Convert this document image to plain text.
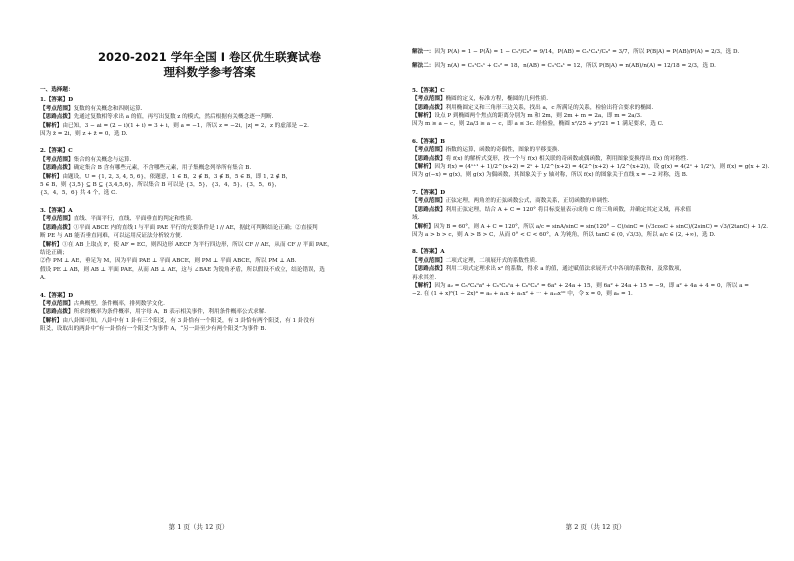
2020-2021 学年全国 I 卷区优生联赛试卷
理科数学参考答案
一、选择题：
1.【答案】D
【考点范围】复数的有关概念和四则运算.
【思路点拨】先通过复数相等求出 a 的值，再写出复数 z 的模式，然后根据有关概念逐一判断.
【解析】由已知，3 − ai = (2 − i)(1 + i) = 3 + i，则 a = −1，所以 z = −2i，|z| = 2，z 的虚部是 −2.
因为 z̄ = 2i，则 z + z̄ = 0，选 D.
2.【答案】C
【考点范围】集合的有关概念与运算.
【思路点拨】确定集合 B 含有哪些元素，不含哪些元素，用子集概念列举所有集合 B.
【解析】由题设，U = {1, 2, 3, 4, 5, 6}，依题意，1 ∈ B，2 ∉ B，3 ∉ B，5 ∈ B，即 1, 2 ∉ B，
5 ∈ B，则 {3,5} ⊆ B ⊆ {3,4,5,6}，所以集合 B 可以是 {3，5}，{3，4，5}，{3，5，6}，
{3，4，5，6} 共 4 个，选 C.
3.【答案】A
【考点范围】直线、平面平行，直线、平面垂直的判定和性质.
【思路点拨】①平面 ABCE 内的直线 l 与平面 PAE 平行的充要条件是 l // AE，据此可判断结论正确；②直接判
断 PE 与 AB 能否垂直同难，可以运用反证法分析较方便.
【解析】①在 AB 上取点 F，使 AF = EC，则四边形 AECF 为平行四边形，所以 CF // AE，从而 CF // 平面 PAE，
结论正确；
②作 PM ⊥ AE，垂足为 M，因为平面 PAE ⊥ 平面 ABCE，则 PM ⊥ 平面 ABCE，所以 PM ⊥ AB.
假设 PE ⊥ AB，则 AB ⊥ 平面 PAE，从而 AB ⊥ AE，这与 ∠BAE 为锐角矛盾，所以假设不成立，结论错误，选
A.
4.【答案】D
【考点范围】古典概型，条件概率，排列数学文化.
【思路点拨】所求的概率为条件概率，用字母 A，B 表示相关事件，利用条件概率公式求解.
【解析】由八卦图可知，八卦中有 1 卦有三个阳爻，有 3 卦恰有一个阳爻，有 3 卦恰有两个阳爻，有 1 卦没有
阳爻，设取出的两卦中“有一卦恰有一个阳爻”为事件 A，“另一卦至少有两个阳爻”为事件 B.
第 1 页（共 12 页）
解法一：因为 P(A) = 1 − P(Ā) = 1 − C₅²/C₈² = 9/14，P(AB) = C₃¹C₄¹/C₈² = 3/7，所以 P(B|A) = P(AB)/P(A) = 2/3，选 D.
解法二：因为 n(A) = C₃¹C₅¹ + C₃² = 18，n(AB) = C₃¹C₄¹ = 12，所以 P(B|A) = n(AB)/n(A) = 12/18 = 2/3，选 D.
5.【答案】C
【考点范围】椭圆的定义，标准方程，椭圆的几何性质.
【思路点拨】利用椭圆定义和三角形三边关系，找出 a，c 所满足的关系，检验出符合要求的椭圆.
【解析】设点 P 到椭圆两个焦点的距离分别为 m 和 2m，则 2m + m = 2a，即 m = 2a/3.
因为 m ≥ a − c，则 2a/3 ≥ a − c，即 a ≤ 3c. 经检验，椭圆 x²/25 + y²/21 = 1 满足要求，选 C.
6.【答案】B
【考点范围】指数的运算，函数的奇偶性，图象的平移变换.
【思路点拨】将 f(x) 的解析式变形，找一个与 f(x) 相关联的奇函数或偶函数，利用图象变换得出 f(x) 的对称性.
【解析】因为 f(x) = (4ˣ⁺¹ + 1)/2^(x+2) = 2ˣ + 1/2^(x+2) = 4(2^(x+2) + 1/2^(x+2))，设 g(x) = 4(2ˣ + 1/2ˣ)，则 f(x) = g(x + 2).
因为 g(−x) = g(x)，则 g(x) 为偶函数，其图象关于 y 轴对称，所以 f(x) 的图象关于直线 x = −2 对称，选 B.
7.【答案】D
【考点范围】正弦定理，两角差的正弦函数公式，商数关系，正切函数的单调性.
【思路点拨】利用正弦定理，结合 A + C = 120° 将目标变量表示成角 C 的三角函数，并确定其定义域，再求值
域.
【解析】因为 B = 60°，则 A + C = 120°，所以 a/c = sinA/sinC = sin(120° − C)/sinC = (√3cosC + sinC)/(2sinC) = √3/(2tanC) + 1/2.
因为 a > b > c，则 A > B > C，从而 0° < C < 60°，A 为钝角，所以 tanC ∈ (0, √3/3)，所以 a/c ∈ (2, +∞)，选 D.
8.【答案】A
【考点范围】二项式定理，二项展开式的系数性质.
【思路点拨】利用二项式定理求出 x² 的系数，得求 a 的值，通过赋值法求展开式中各项的系数和，及常数项，
再求其差.
【解析】因为 a₂ = C₆²C₄⁰a² + C₆¹C₄¹a + C₆⁰C₄² = 6a² + 24a + 15，则 6a² + 24a + 15 = −9，即 a² + 4a + 4 = 0，所以 a =
−2. 在 (1 + x)⁶(1 − 2x)⁴ = a₀ + a₁x + a₂x² + ⋯ + a₁₀x¹⁰ 中，令 x = 0，则 a₀ = 1.
第 2 页（共 12 页）
